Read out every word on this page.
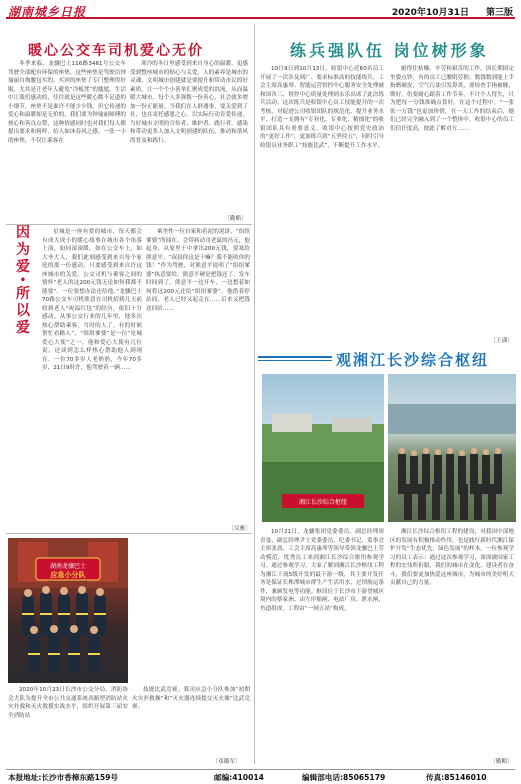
湖南城乡日报	2020年10月31日 第三版
暖心公交车司机爱心无价

冬季来临，龙骧巴士116路3461号公交车驾驶全部配有环保的座垫，这些座垫是驾驶员钟瑜丽自掏腰包买的。买回的座垫了专门整理得好服，尤其是让老年人避免“冷板凳”的尴尬。生活中让我们感动的，往往就是这些暖心微不足道的小细节，座垫不是谁许不能少少钱，但它传递的爱心和温暖却是无价的。我们要为钟瑜丽师傅的热心和善良点赞，这种情感同时也对我们每人都提出要求和榜样，给人如沐春风之感。一张一小的座垫，不仅让乘客在

寒冷的冬日里感受到来自身心的温暖，更感受到整座城市的贴心与关爱。人的素养是城市的灵魂，文明城市创建就是要提升和带动市民的好素质，让一个个小善举汇聚成爱的洪流，从而温暖大城市。每个人多弹拨一份善心，社会就多增加一份正能量。当我们在人群遇事，要关爱到了社，也在寄托感恩之心，以实际行动肯爱传递，当好城市文明的宣传者、维护者、践行者，感染和带动更多人加入文明创建的队伍，推动和谐风尚普及和践行。

〔勤略〕
因
为
爱
•
所
以
爱

星城是一座有爱的城市，每天都会有成大成小的暖心故事在城市各个角落上演，如同滚滚暖。如在公交车上，如大爷大人，我们此刻感受到来自每个家庭的那一份感动。只要感受到来自许这座城市的关爱，公交司机与乘客之间的情怀“老人的这200元钱无论如何我都不能要”。一位要想办法还给他。”龙骧巴士70路公交车司机熊意在司机招到几天前收到老人“祝福红包”的经历，依旧十分感动。从事公交行业的几年里，他多次热心帮助乘客，当时的人了。有的时候帮忙看路人“，“组组爹婆”是一位“星城爱心大使”之一。他和爱心大使有几位说，还谈到怎么样热心帮助他人到现在。一位70多岁人老奶奶，今年70多岁，21日9时许，他驾驶着一辆……

乘坐性一位自家和着泥的泥饼，“组组爹婆”所闻在，会带病动司老鼠的冯元，他起身，从家里于中拿出200元钱，要塞给熊意平。“叔叔你这是干嘛？我不能收你的钱！”作为驾驶，对熊意平说明了“组组爹婆”执意要给，熊意平硬是把钱还了。发车时间到了，熊意平一边开车，一边想着如何将这200元还给“组组爹婆”。他借着停站间，老人已经又起走在……后来又把钱送回给……

〔吴雅〕
湖南龙骧巴士
应急小分队

2020年10月23日长沙市公交分局、消防协会大队为提升全市公共交通系统各路型消防站火灾扑救和灭火救援实战水平，组织开展第三届安全消防站

技能比武竞赛。我司应急小分队参加“初期火灾扑救操”和“灭火器连续提交灭火操”比武竞赛。

〔邓璐军〕
练兵强队伍 岗位树形象

10月9日到10月13日，收银中心近60名员工开展了一次涉及到广、要求标准高的技能练兵。工会主席高惠琴、智能运营督控中心服务安全处理被和国各三、督控中心质量处理到永乐出席了此次练兵活动。这次练兵是收银中心员工技能提升的一次考核，对促进公司收银团队的规范化、提升业务水平、打造一支拥有“专业化、专业化、精细化”的收银团队具有重要意义。收银中心按照党史政治的“更好工作”，更加练兵到“五坚持五”，同时引导收银员业务职工“技能比武”，不断提升工作水平。

耐得住枯燥，辛劳和艰苦的工作。因长期固定坐姿点钞，有的员工已腰肌劳损；数钱数到能上手指磨破皮，空气污浊引发鼻炎，要检查手指被缠，绑好，仍要耐心跟着工作节奏，不计个人得失，只为把每一分钱准确点算好。在这个过程中，“一张张一万钱”也更加珍惜，在一天工作的结束后，她们已经完全融入到了一个整体中。收银中心的员工们信任度高，彼此了解对方……

〔王潇〕
观湘江长沙综合枢纽
湘江长沙综合枢纽

10月21日，龙骧集团党委委员、副总经理周青曼、副总经理尹王党委委员、纪委书记、监事会主席张劲、工会主席高惠琴等领导带领龙骧巴士劳动模范、优秀员工来到湘江长沙综合枢纽参观学习。通过参观学习，大家了解到湘江长沙枢纽工程为湘江干流5级开发的最下游一级，其主要开发任务是保证长株潭城市群生产生活用水，过坝航运条件，兼顾发电等功能。枢纽位于长沙市下游望城区境内的蔡家洲、由左岸船闸、电站厂房、泄水闸、鱼道组成，工程由“一闸五站”构成。

湘江长沙综合枢纽工程的建设，对我国中部地区的发展有积极推动作用，也是践行新时代湘江保护开发“生态优先、绿色发展”的样本。一位参观学习的员工表示：通过这次参观学习，深深被国家工程的宏伟所折服，我们的城市在变化，建设者在奋斗，我们要更加热爱这座城市，为城市的美好明天贡献自己的力量。

〔勤略〕
本报地址:长沙市香樟东路159号	邮编:410014	编辑部电话:85065179	传真:85146010
